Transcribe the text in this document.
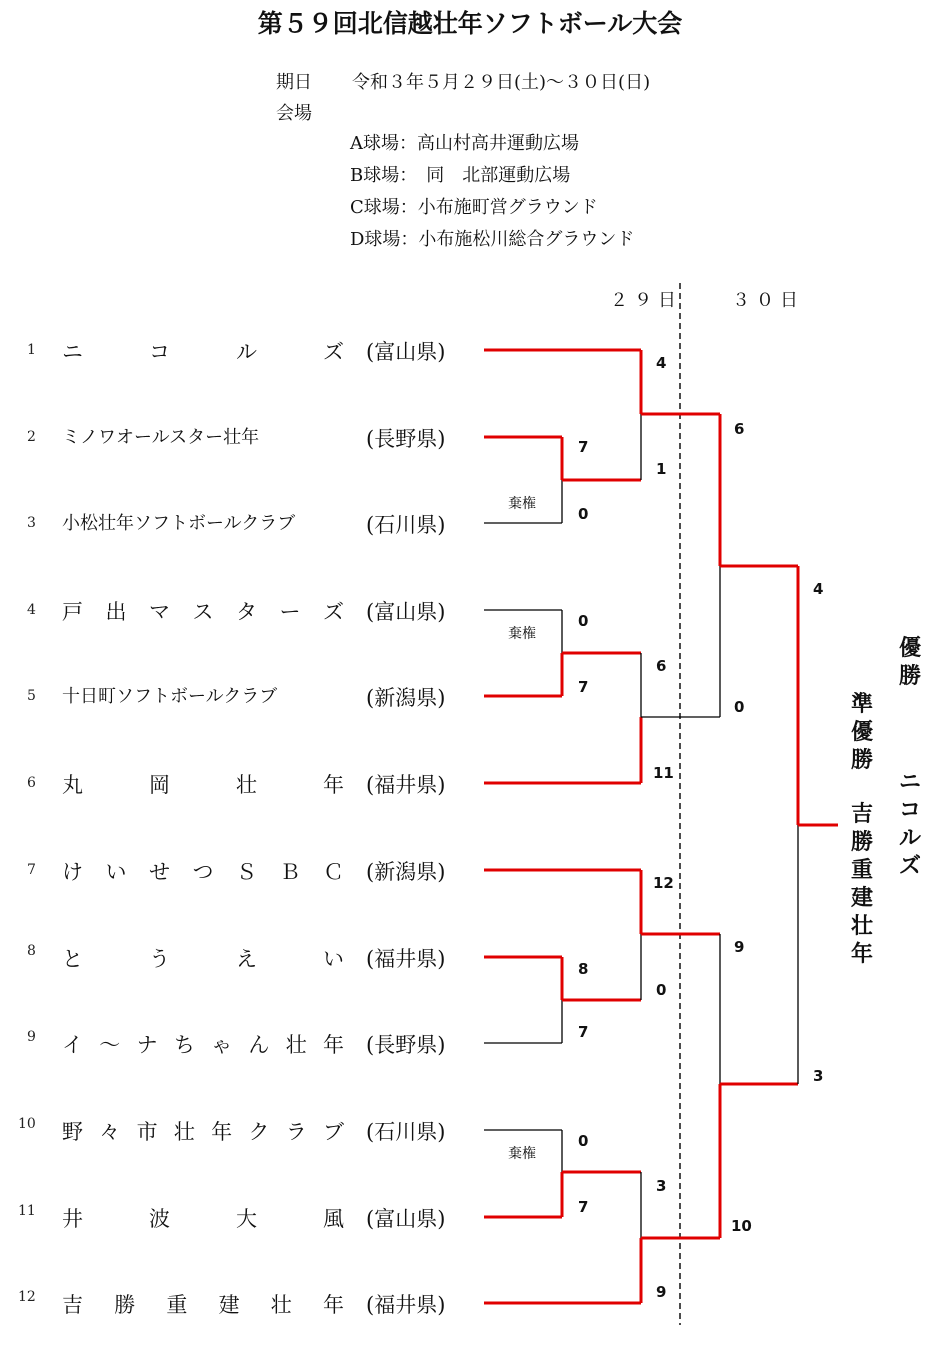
第５９回北信越壮年ソフトボール大会
期日 令和３年５月２９日(土)～３０日(日)
会場
A球場：高山村高井運動広場
B球場：　同　北部運動広場
C球場：小布施町営グラウンド
D球場：小布施松川総合グラウンド
２９日	３０日
1 ニ	コ	ル	ズ (富山県)
2 ミノワオールスター壮年	(長野県)
3 小松壮年ソフトボールクラブ	(石川県)
4 戸 出 マ ス タ ー ズ (富山県)
5 十日町ソフトボールクラブ	(新潟県)
6 丸	岡	壮	年 (福井県)
7 け い せ つ Ｓ Ｂ Ｃ (新潟県)
8 と	う	え	い (福井県)
9 イ ～ ナ ち ゃ ん 壮 年 (長野県)
10 野 々 市 壮 年 ク ラ ブ (石川県)
11 井	波	大	風 (富山県)
12 吉 勝 重 建 壮 年 (福井県)
7
0
0
7
8
7
0
7
4
1
6
11
12
0
3
9
6
0
9
10
4
3
棄権
棄権
棄権
準優勝
吉勝重建壮年
優勝
ニコルズ
